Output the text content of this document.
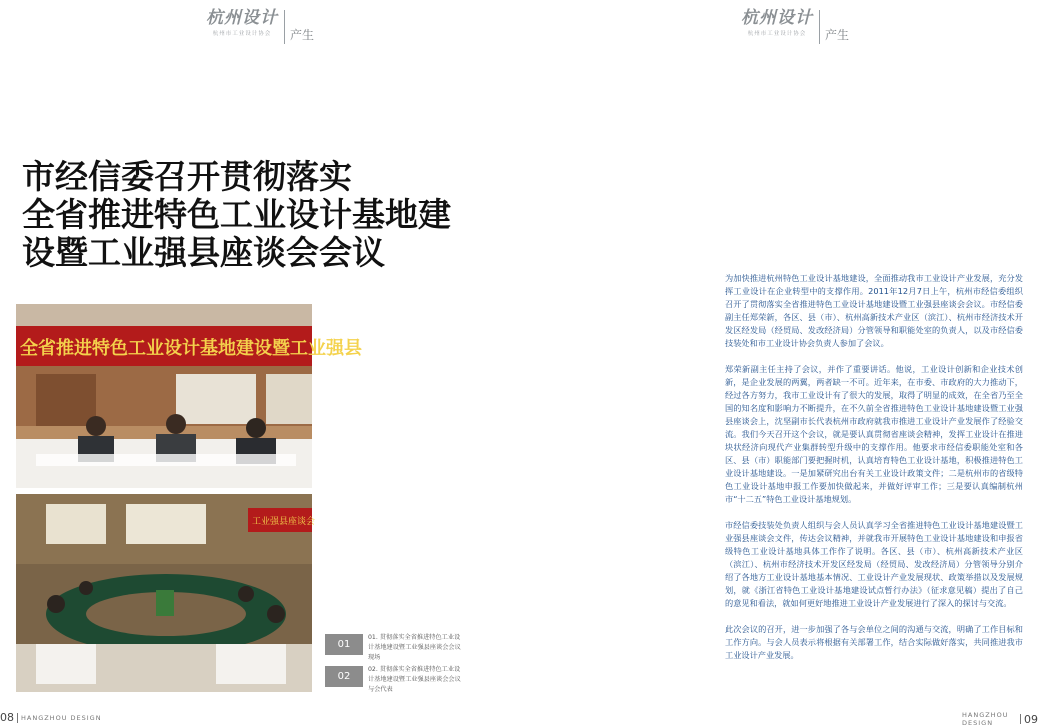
杭州设计
杭州市工业设计协会 产生
市经信委召开贯彻落实
全省推进特色工业设计基地建
设暨工业强县座谈会会议
全省推进特色工业设计基地建设暨工业强县
工业强县座谈会
01
01. 贯彻落实全省推进特色工业设计基地建设暨工业强县座谈会会议现场
02
02. 贯彻落实全省推进特色工业设计基地建设暨工业强县座谈会会议与会代表
08 HANGZHOU DESIGN
杭州设计
杭州市工业设计协会 产生

为加快推进杭州特色工业设计基地建设，全面推动我市工业设计产业发展，充分发挥工业设计在企业转型中的支撑作用。2011年12月7日上午，杭州市经信委组织召开了贯彻落实全省推进特色工业设计基地建设暨工业强县座谈会会议。市经信委副主任郑荣新，各区、县（市）、杭州高新技术产业区（滨江）、杭州市经济技术开发区经发局（经贸局、发改经济局）分管领导和职能处室的负责人，以及市经信委技装处和市工业设计协会负责人参加了会议。

郑荣新副主任主持了会议，并作了重要讲话。他说，工业设计创新和企业技术创新，是企业发展的两翼，两者缺一不可。近年来，在市委、市政府的大力推动下，经过各方努力，我市工业设计有了很大的发展，取得了明显的成效，在全省乃至全国的知名度和影响力不断提升，在不久前全省推进特色工业设计基地建设暨工业强县座谈会上，沈坚副市长代表杭州市政府就我市推进工业设计产业发展作了经验交流。我们今天召开这个会议，就是要认真贯彻省座谈会精神，发挥工业设计在推进块状经济向现代产业集群转型升级中的支撑作用。他要求市经信委职能处室和各区、县（市）职能部门要把握时机，认真培育特色工业设计基地，积极推进特色工业设计基地建设。一是加紧研究出台有关工业设计政策文件；二是杭州市的省级特色工业设计基地申报工作要加快做起来，并做好评审工作；三是要认真编制杭州市“十二五”特色工业设计基地规划。

市经信委技装处负责人组织与会人员认真学习全省推进特色工业设计基地建设暨工业强县座谈会文件，传达会议精神，并就我市开展特色工业设计基地建设和申报省级特色工业设计基地具体工作作了说明。各区、县（市）、杭州高新技术产业区（滨江）、杭州市经济技术开发区经发局（经贸局、发改经济局）分管领导分别介绍了各地方工业设计基地基本情况、工业设计产业发展现状、政策举措以及发展规划，就《浙江省特色工业设计基地建设试点暂行办法》（征求意见稿）提出了自己的意见和看法，就如何更好地推进工业设计产业发展进行了深入的探讨与交流。

此次会议的召开，进一步加强了各与会单位之间的沟通与交流，明确了工作目标和工作方向。与会人员表示将根据有关部署工作，结合实际做好落实，共同推进我市工业设计产业发展。

HANGZHOU DESIGN	09
